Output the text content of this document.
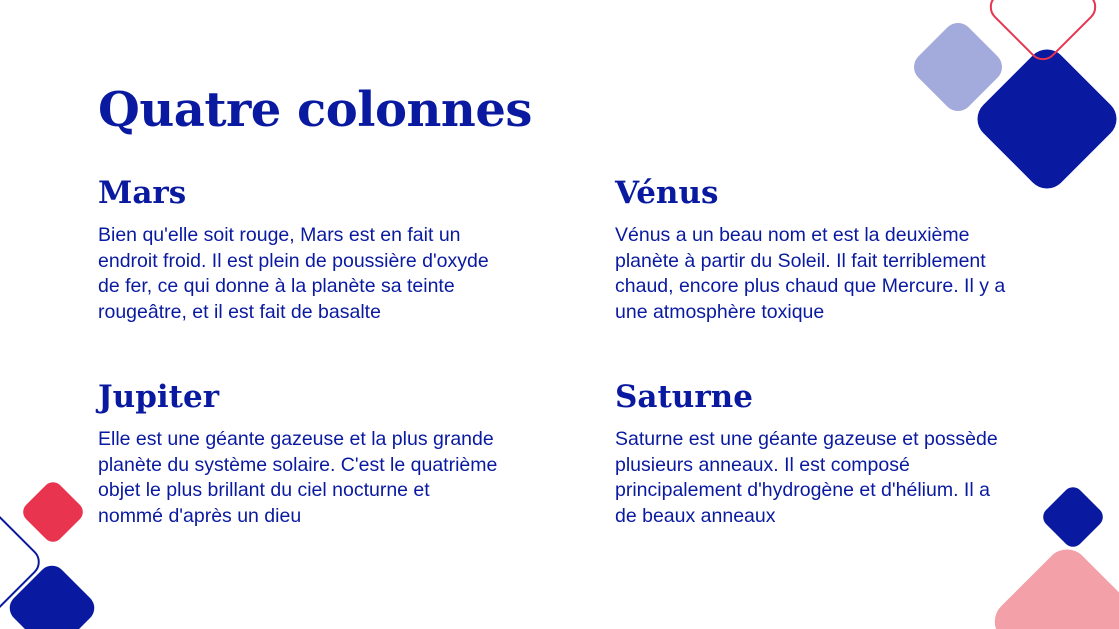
Quatre colonnes
Mars

Bien qu'elle soit rouge, Mars est en fait un endroit froid. Il est plein de poussière d'oxyde de fer, ce qui donne à la planète sa teinte rougeâtre, et il est fait de basalte

Vénus

Vénus a un beau nom et est la deuxième planète à partir du Soleil. Il fait terriblement chaud, encore plus chaud que Mercure. Il y a une atmosphère toxique

Jupiter

Elle est une géante gazeuse et la plus grande planète du système solaire. C'est le quatrième objet le plus brillant du ciel nocturne et nommé d'après un dieu

Saturne

Saturne est une géante gazeuse et possède plusieurs anneaux. Il est composé principalement d'hydrogène et d'hélium. Il a de beaux anneaux
